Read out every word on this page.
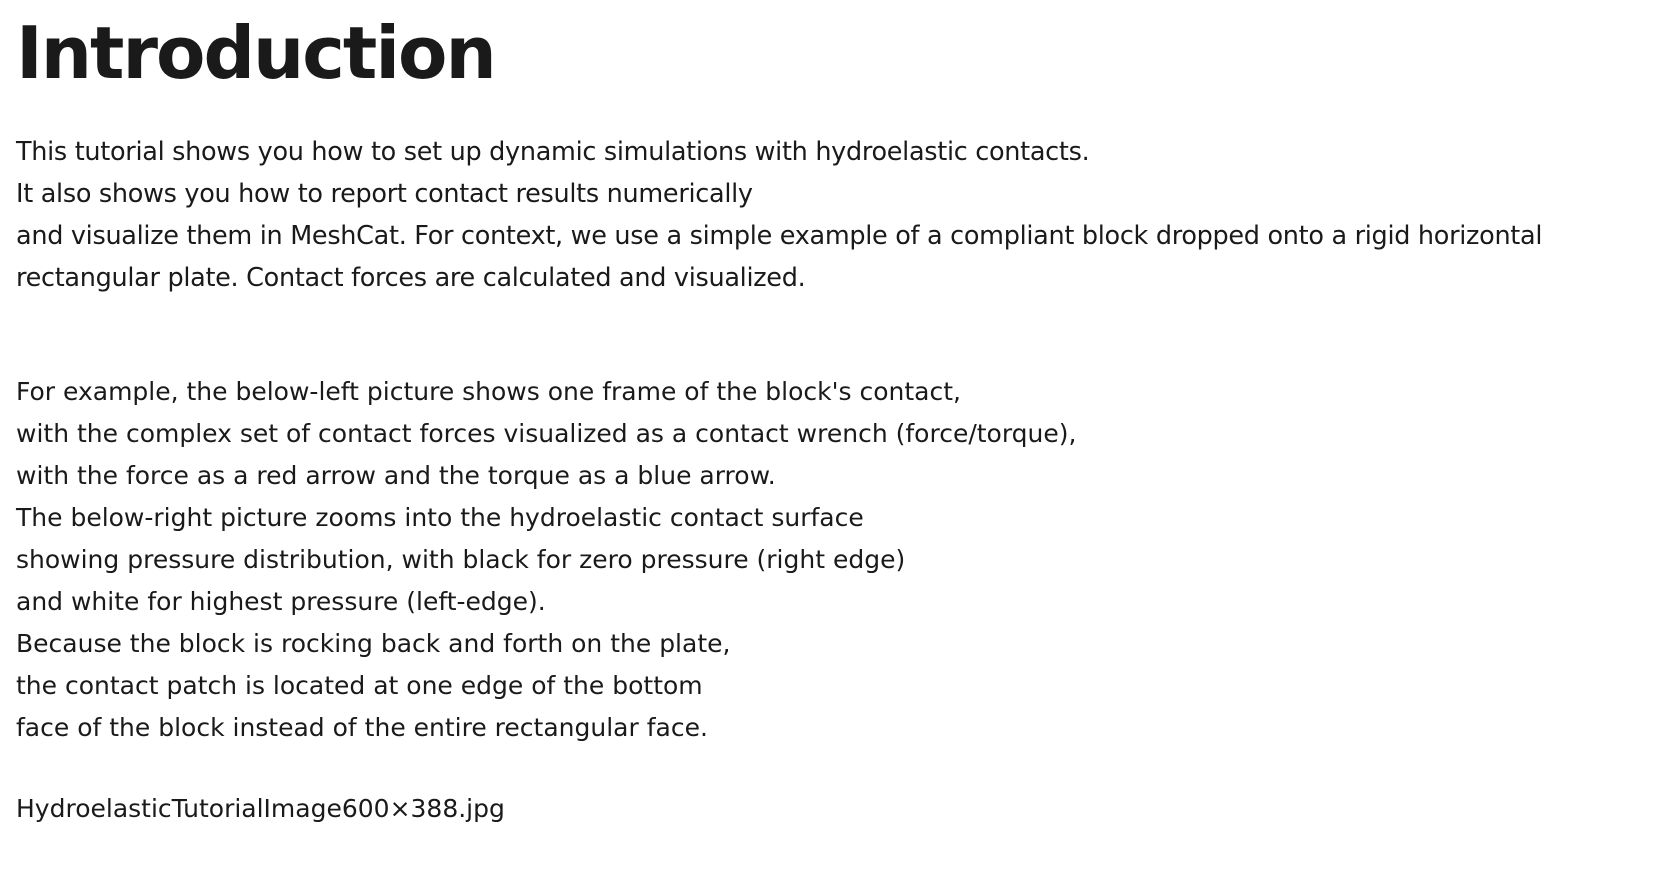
Introduction

This tutorial shows you how to set up dynamic simulations with hydroelastic contacts.
It also shows you how to report contact results numerically
and visualize them in MeshCat. For context, we use a simple example of a compliant block dropped onto a rigid horizontal
rectangular plate. Contact forces are calculated and visualized.

For example, the below-left picture shows one frame of the block's contact,
with the complex set of contact forces visualized as a contact wrench (force/torque),
with the force as a red arrow and the torque as a blue arrow.
The below-right picture zooms into the hydroelastic contact surface
showing pressure distribution, with black for zero pressure (right edge)
and white for highest pressure (left-edge).
Because the block is rocking back and forth on the plate,
the contact patch is located at one edge of the bottom
face of the block instead of the entire rectangular face.

HydroelasticTutorialImage600×388.jpg
